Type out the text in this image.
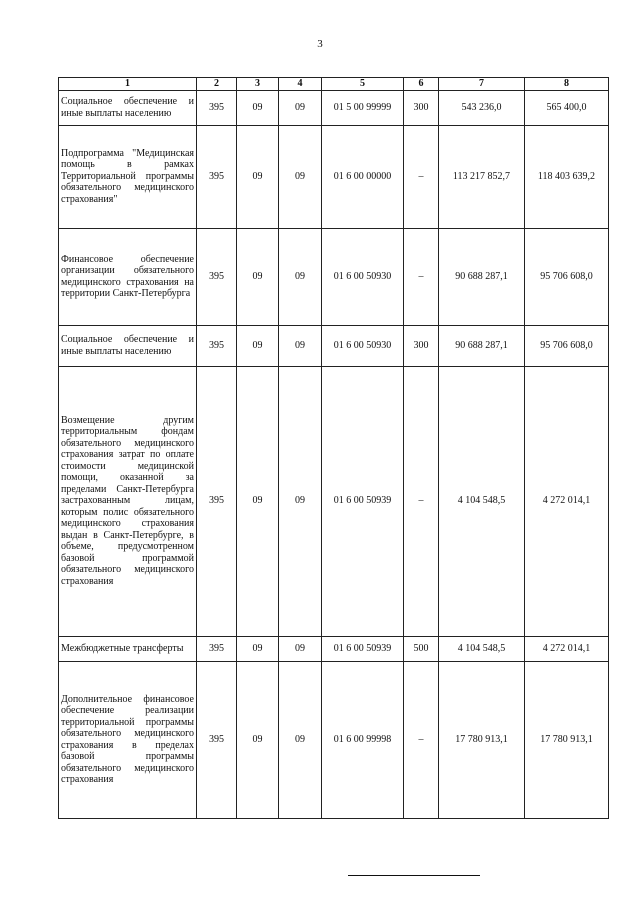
3
1	2	3	4	5	6	7	8
Социальное обеспечение и иные выплаты населению	395	09	09	01 5 00 99999	300	543 236,0	565 400,0
Подпрограмма "Медицинская помощь в рамках Территориальной программы обязательного медицинского страхования"	395	09	09	01 6 00 00000	–	113 217 852,7	118 403 639,2
Финансовое обеспечение организации обязательного медицинского страхования на территории Санкт-Петербурга	395	09	09	01 6 00 50930	–	90 688 287,1	95 706 608,0
Социальное обеспечение и иные выплаты населению	395	09	09	01 6 00 50930	300	90 688 287,1	95 706 608,0
Возмещение другим территориальным фондам обязательного медицинского страхования затрат по оплате стоимости медицинской помощи, оказанной за пределами Санкт-Петербурга застрахованным лицам, которым полис обязательного медицинского страхования выдан в Санкт-Петербурге, в объеме, предусмотренном базовой программой обязательного медицинского страхования	395	09	09	01 6 00 50939	–	4 104 548,5	4 272 014,1
Межбюджетные трансферты	395	09	09	01 6 00 50939	500	4 104 548,5	4 272 014,1
Дополнительное финансовое обеспечение реализации территориальной программы обязательного медицинского страхования в пределах базовой программы обязательного медицинского страхования	395	09	09	01 6 00 99998	–	17 780 913,1	17 780 913,1
